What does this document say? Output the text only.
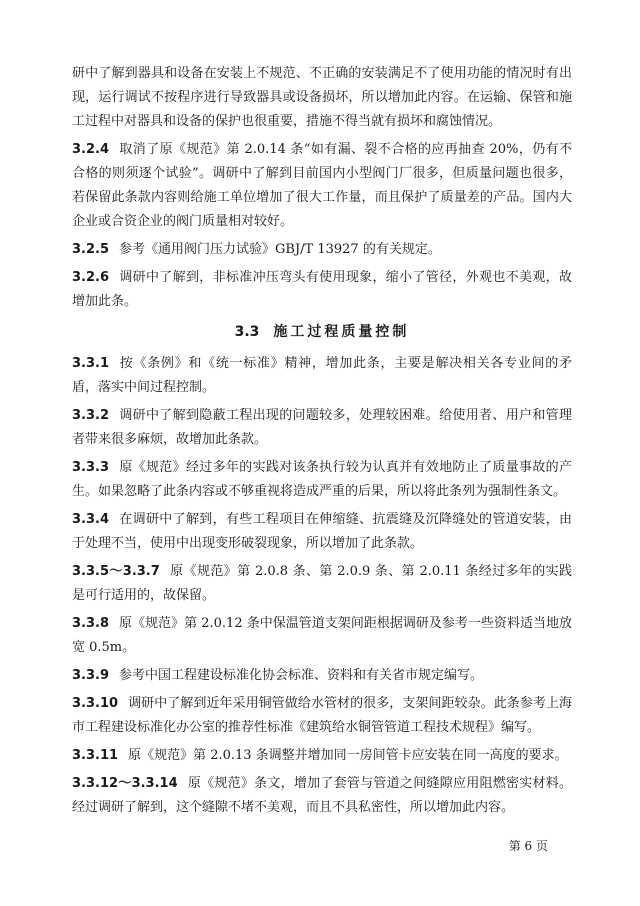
研中了解到器具和设备在安装上不规范、不正确的安装满足不了使用功能的情况时有出现，运行调试不按程序进行导致器具或设备损坏，所以增加此内容。在运输、保管和施工过程中对器具和设备的保护也很重要，措施不得当就有损坏和腐蚀情况。

3.2.4 取消了原《规范》第 2.0.14 条“如有漏、裂不合格的应再抽查 20%，仍有不合格的则须逐个试验”。调研中了解到目前国内小型阀门厂很多，但质量问题也很多，若保留此条款内容则给施工单位增加了很大工作量，而且保护了质量差的产品。国内大企业或合资企业的阀门质量相对较好。

3.2.5 参考《通用阀门压力试验》GBJ/T 13927 的有关规定。

3.2.6 调研中了解到，非标准冲压弯头有使用现象，缩小了管径，外观也不美观，故增加此条。

3.3 施工过程质量控制

3.3.1 按《条例》和《统一标准》精神，增加此条，主要是解决相关各专业间的矛盾，落实中间过程控制。

3.3.2 调研中了解到隐蔽工程出现的问题较多，处理较困难。给使用者、用户和管理者带来很多麻烦，故增加此条款。

3.3.3 原《规范》经过多年的实践对该条执行较为认真并有效地防止了质量事故的产生。如果忽略了此条内容或不够重视将造成严重的后果，所以将此条列为强制性条文。

3.3.4 在调研中了解到，有些工程项目在伸缩缝、抗震缝及沉降缝处的管道安装，由于处理不当，使用中出现变形破裂现象，所以增加了此条款。

3.3.5～3.3.7 原《规范》第 2.0.8 条、第 2.0.9 条、第 2.0.11 条经过多年的实践是可行适用的，故保留。

3.3.8 原《规范》第 2.0.12 条中保温管道支架间距根据调研及参考一些资料适当地放宽 0.5m。

3.3.9 参考中国工程建设标准化协会标准、资料和有关省市规定编写。

3.3.10 调研中了解到近年采用铜管做给水管材的很多，支架间距较杂。此条参考上海市工程建设标准化办公室的推荐性标准《建筑给水铜管管道工程技术规程》编写。

3.3.11 原《规范》第 2.0.13 条调整并增加同一房间管卡应安装在同一高度的要求。

3.3.12～3.3.14 原《规范》条文，增加了套管与管道之间缝隙应用阻燃密实材料。经过调研了解到，这个缝隙不堵不美观，而且不具私密性，所以增加此内容。

第 6 页
